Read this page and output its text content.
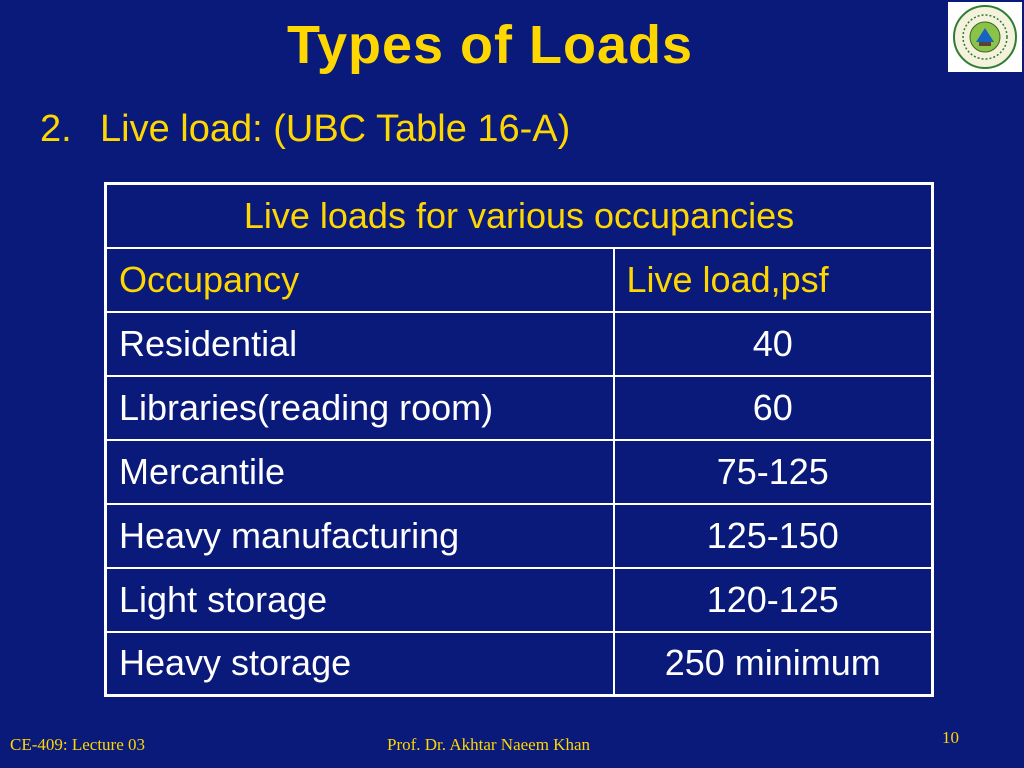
Types of Loads
2. Live load: (UBC Table 16-A)
Live loads for various occupancies	
Occupancy	Live load,psf
Residential	40
Libraries(reading room)	60
Mercantile	75-125
Heavy manufacturing	125-150
Light storage	120-125
Heavy storage	250 minimum
CE-409: Lecture 03	Prof. Dr. Akhtar Naeem Khan	10
